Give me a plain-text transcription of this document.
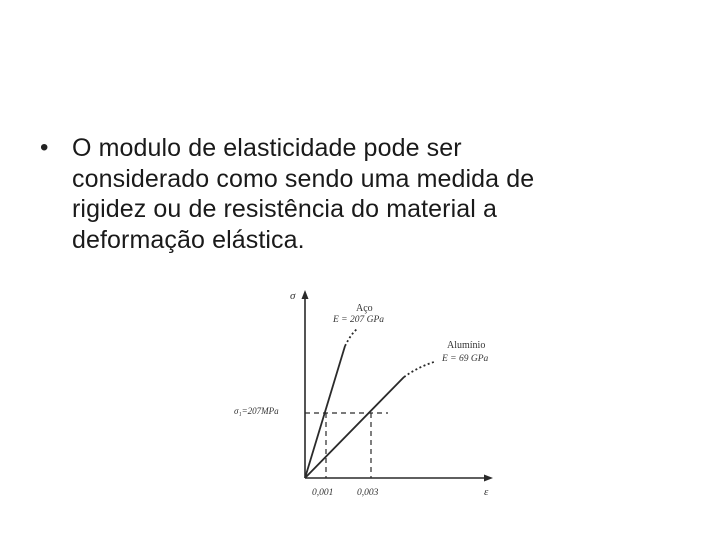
• O modulo de elasticidade pode ser
considerado como sendo uma medida de
rigidez ou de resistência do material a
deformação elástica.
σ
ε
Aço
E = 207 GPa
Alumínio
E = 69 GPa
σ₁=207MPa
0,001 0,003
